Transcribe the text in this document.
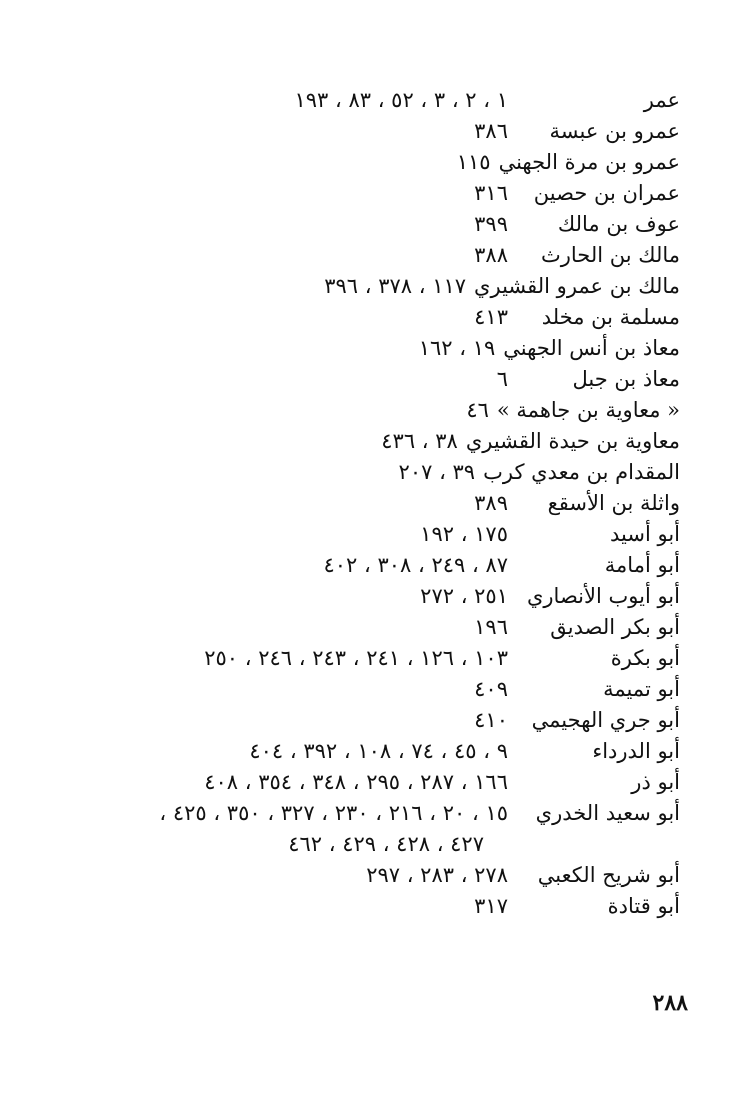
عمر
١ ، ٢ ، ٣ ، ٥٢ ، ٨٣ ، ١٩٣
عمرو بن عبسة
٣٨٦
عمرو بن مرة الجهني
١١٥
عمران بن حصين
٣١٦
عوف بن مالك
٣٩٩
مالك بن الحارث
٣٨٨
مالك بن عمرو القشيري
١١٧ ، ٣٧٨ ، ٣٩٦
مسلمة بن مخلد
٤١٣
معاذ بن أنس الجهني
١٩ ، ١٦٢
معاذ بن جبل
٦
« معاوية بن جاهمة »
٤٦
معاوية بن حيدة القشيري
٣٨ ، ٤٣٦
المقدام بن معدي كرب
٣٩ ، ٢٠٧
واثلة بن الأسقع
٣٨٩
أبو أسيد
١٧٥ ، ١٩٢
أبو أمامة
٨٧ ، ٢٤٩ ، ٣٠٨ ، ٤٠٢
أبو أيوب الأنصاري
٢٥١ ، ٢٧٢
أبو بكر الصديق
١٩٦
أبو بكرة
١٠٣ ، ١٢٦ ، ٢٤١ ، ٢٤٣ ، ٢٤٦ ، ٢٥٠
أبو تميمة
٤٠٩
أبو جري الهجيمي
٤١٠
أبو الدرداء
٩ ، ٤٥ ، ٧٤ ، ١٠٨ ، ٣٩٢ ، ٤٠٤
أبو ذر
١٦٦ ، ٢٨٧ ، ٢٩٥ ، ٣٤٨ ، ٣٥٤ ، ٤٠٨
أبو سعيد الخدري
١٥ ، ٢٠ ، ٢١٦ ، ٢٣٠ ، ٣٢٧ ، ٣٥٠ ، ٤٢٥ ،
٤٢٧ ، ٤٢٨ ، ٤٢٩ ، ٤٦٢
أبو شريح الكعبي
٢٧٨ ، ٢٨٣ ، ٢٩٧
أبو قتادة
٣١٧
٢٨٨
